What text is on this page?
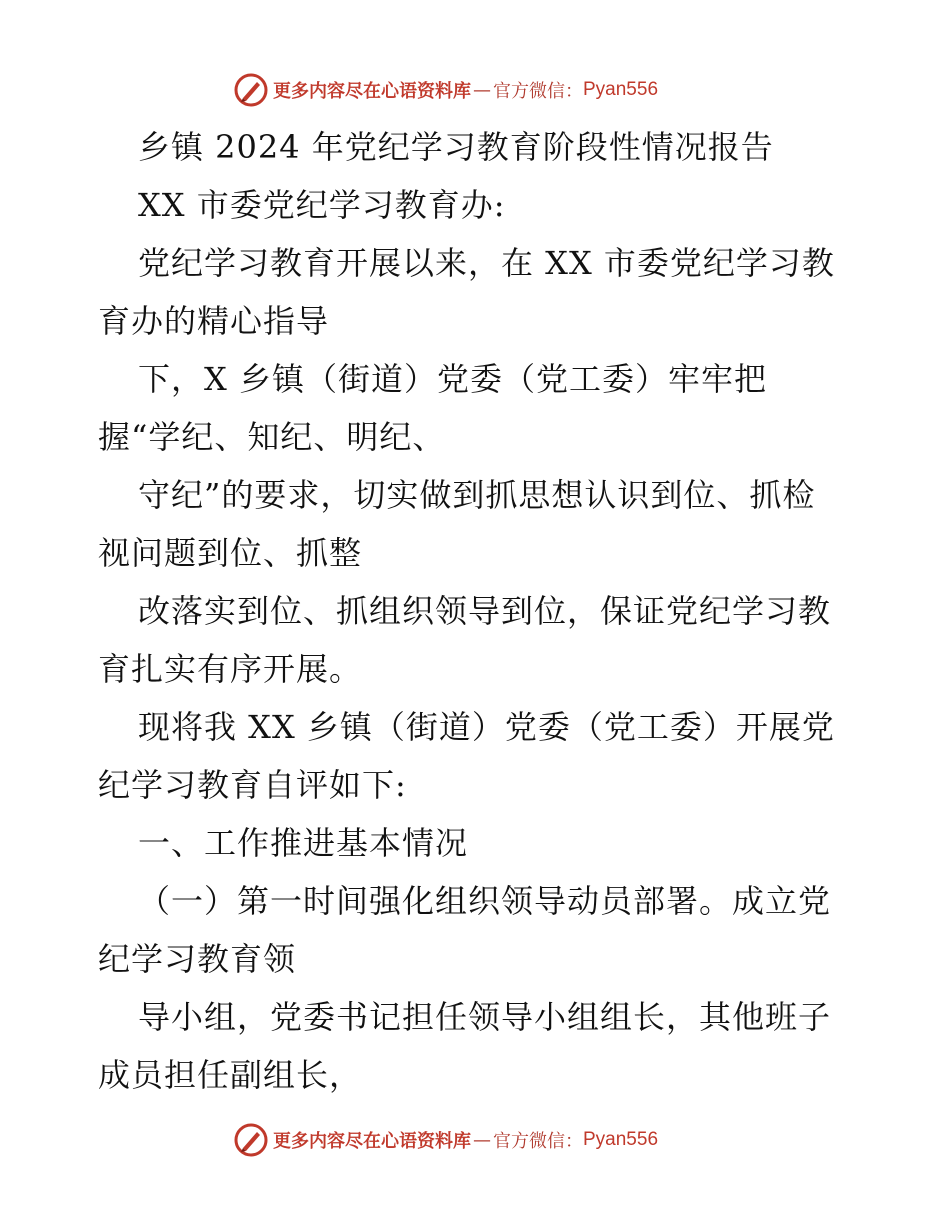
更多内容尽在心语资料库 — 官方微信： Pyan556
乡镇 2024 年党纪学习教育阶段性情况报告
XX 市委党纪学习教育办:
党纪学习教育开展以来，在 XX 市委党纪学习教
育办的精心指导
下，X 乡镇（街道）党委（党工委）牢牢把
握“学纪、知纪、明纪、
守纪”的要求，切实做到抓思想认识到位、抓检
视问题到位、抓整
改落实到位、抓组织领导到位，保证党纪学习教
育扎实有序开展。
现将我 XX 乡镇（街道）党委（党工委）开展党
纪学习教育自评如下:
一、工作推进基本情况
（一）第一时间强化组织领导动员部署。成立党
纪学习教育领
导小组，党委书记担任领导小组组长，其他班子
成员担任副组长，
更多内容尽在心语资料库 — 官方微信： Pyan556
